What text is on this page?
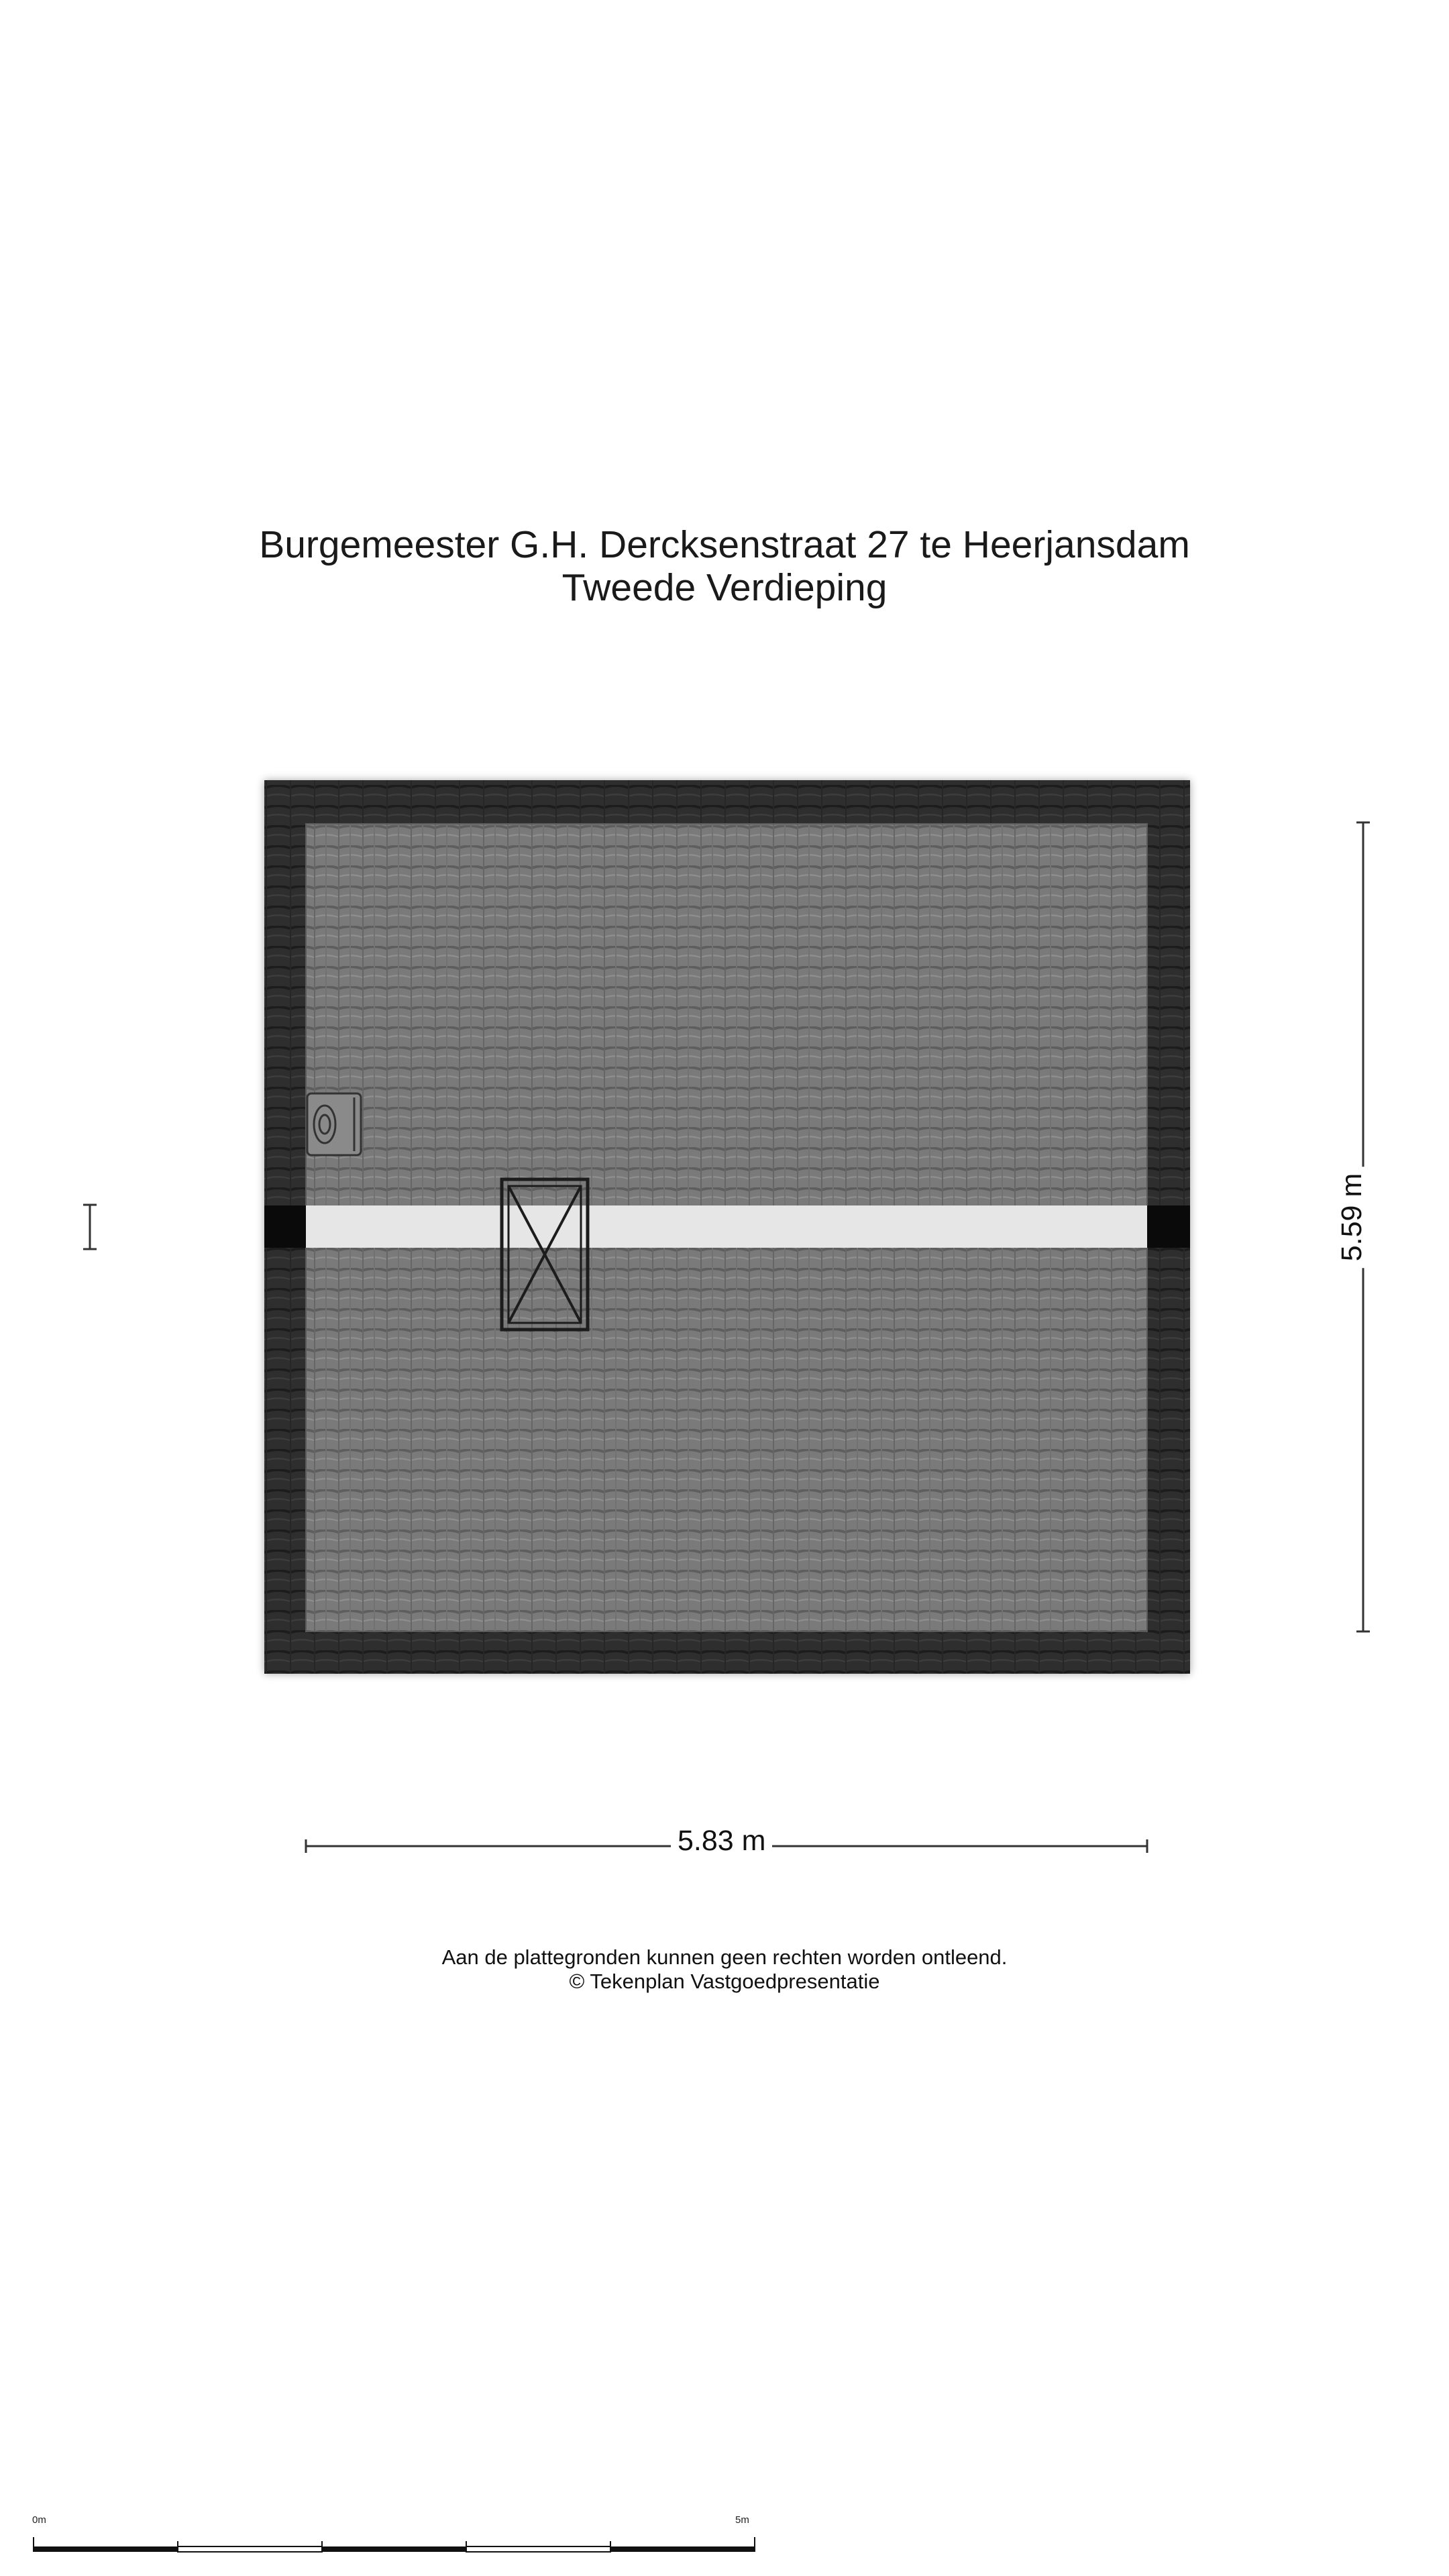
Burgemeester G.H. Dercksenstraat 27 te Heerjansdam
Tweede Verdieping
5.83 m
5.59 m
Aan de plattegronden kunnen geen rechten worden ontleend.
© Tekenplan Vastgoedpresentatie
0m	5m
